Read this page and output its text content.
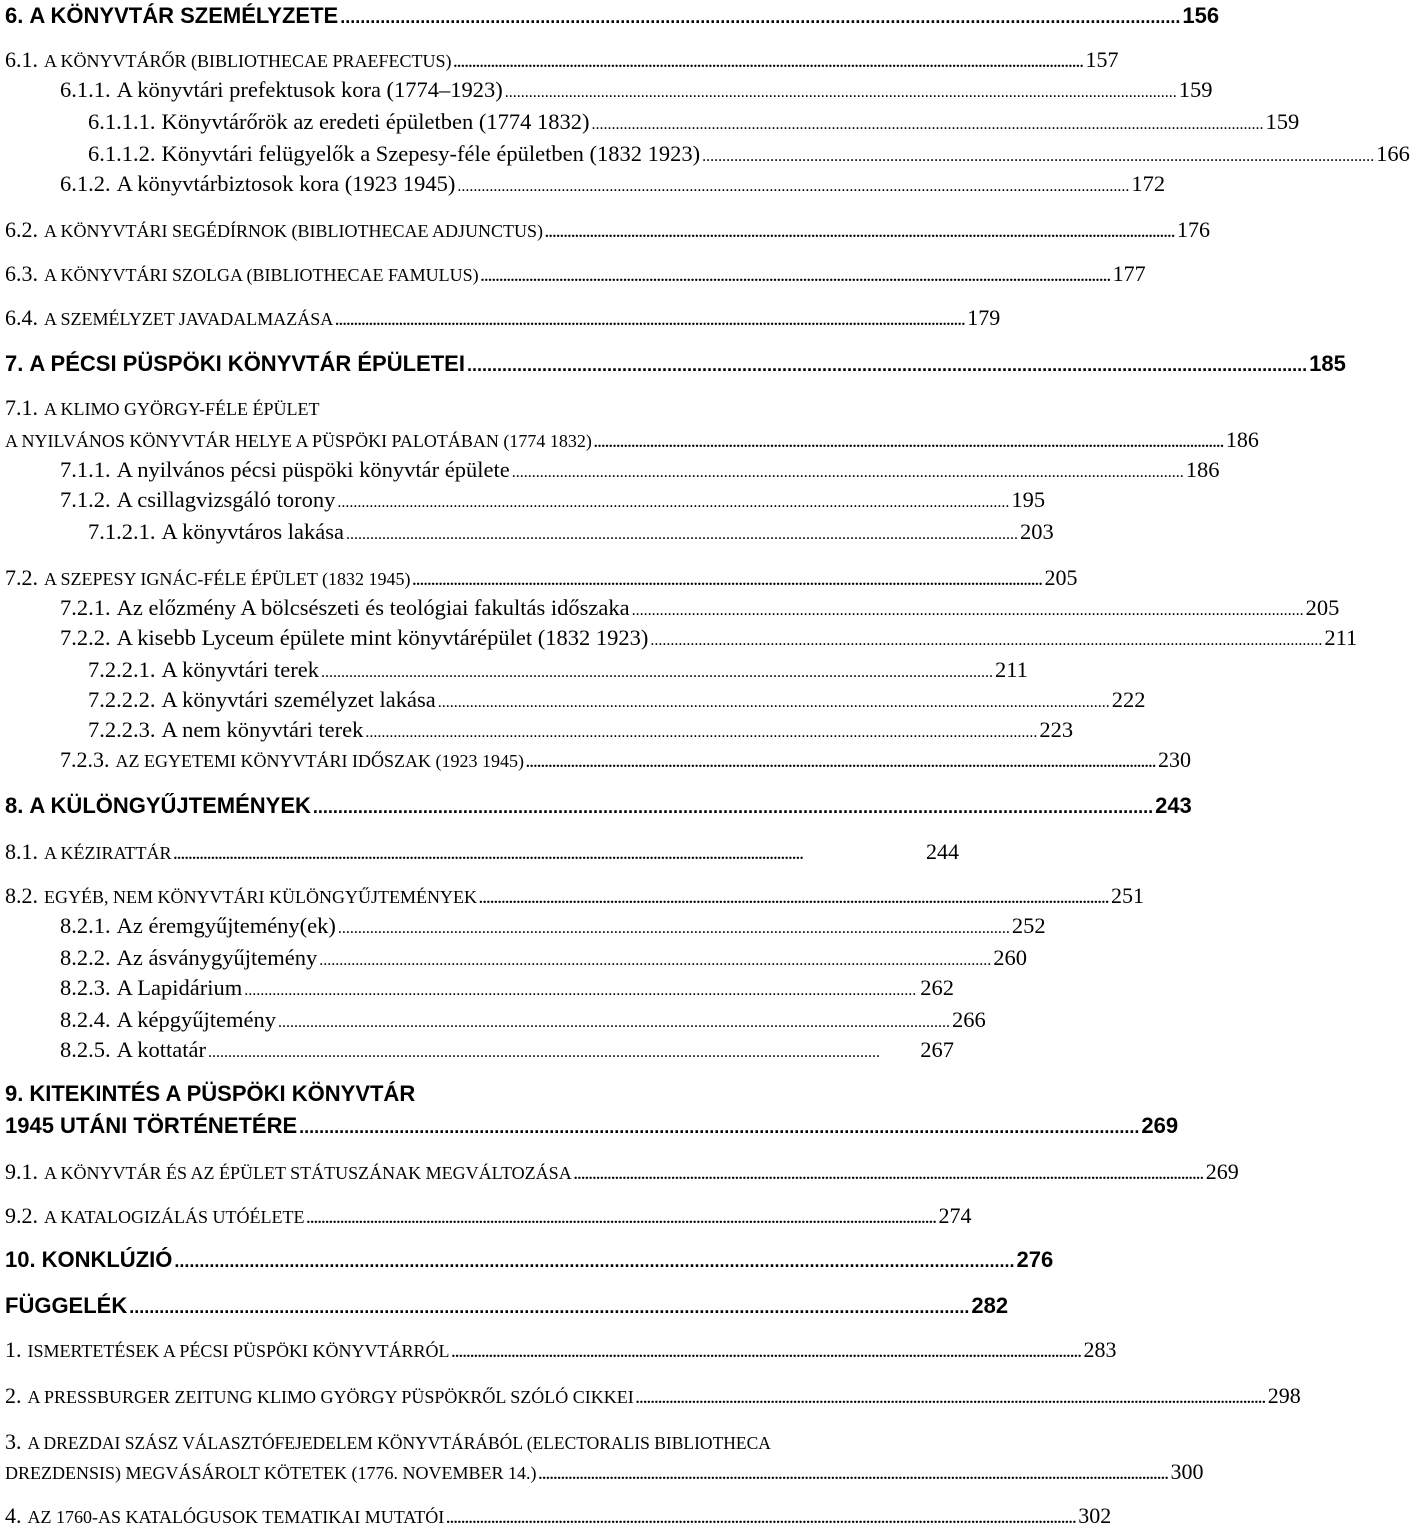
6. A KÖNYVTÁR SZEMÉLYZETE ........................................................................................................................................................................ 156
6.1. A KÖNYVTÁRŐR (BIBLIOTHECAE PRAEFECTUS) ........................................................................................................................................................................ 157
6.1.1. A könyvtári prefektusok kora (1774–1923) ........................................................................................................................................................................ 159
6.1.1.1. Könyvtárőrök az eredeti épületben (1774 1832) ........................................................................................................................................................................ 159
6.1.1.2. Könyvtári felügyelők a Szepesy-féle épületben (1832 1923) ........................................................................................................................................................................ 166
6.1.2. A könyvtárbiztosok kora (1923 1945) ........................................................................................................................................................................ 172
6.2. A KÖNYVTÁRI SEGÉDÍRNOK (BIBLIOTHECAE ADJUNCTUS) ........................................................................................................................................................................ 176
6.3. A KÖNYVTÁRI SZOLGA (BIBLIOTHECAE FAMULUS) ........................................................................................................................................................................ 177
6.4. A SZEMÉLYZET JAVADALMAZÁSA ........................................................................................................................................................................ 179
7. A PÉCSI PÜSPÖKI KÖNYVTÁR ÉPÜLETEI ........................................................................................................................................................................ 185
7.1. A KLIMO GYÖRGY-FÉLE ÉPÜLET
A NYILVÁNOS KÖNYVTÁR HELYE A PÜSPÖKI PALOTÁBAN (1774 1832) ........................................................................................................................................................................ 186
7.1.1. A nyilvános pécsi püspöki könyvtár épülete ........................................................................................................................................................................ 186
7.1.2. A csillagvizsgáló torony ........................................................................................................................................................................ 195
7.1.2.1. A könyvtáros lakása ........................................................................................................................................................................ 203
7.2. A SZEPESY IGNÁC-FÉLE ÉPÜLET (1832 1945) ........................................................................................................................................................................ 205
7.2.1. Az előzmény A bölcsészeti és teológiai fakultás időszaka ........................................................................................................................................................................ 205
7.2.2. A kisebb Lyceum épülete mint könyvtárépület (1832 1923) ........................................................................................................................................................................ 211
7.2.2.1. A könyvtári terek ........................................................................................................................................................................ 211
7.2.2.2. A könyvtári személyzet lakása ........................................................................................................................................................................ 222
7.2.2.3. A nem könyvtári terek ........................................................................................................................................................................ 223
7.2.3. AZ EGYETEMI KÖNYVTÁRI IDŐSZAK (1923 1945) ........................................................................................................................................................................ 230
8. A KÜLÖNGYŰJTEMÉNYEK ........................................................................................................................................................................ 243
8.1. A KÉZIRATTÁR ........................................................................................................................................................................	244
8.2. EGYÉB, NEM KÖNYVTÁRI KÜLÖNGYŰJTEMÉNYEK ........................................................................................................................................................................ 251
8.2.1. Az éremgyűjtemény(ek) ........................................................................................................................................................................ 252
8.2.2. Az ásványgyűjtemény ........................................................................................................................................................................ 260
8.2.3. A Lapidárium ........................................................................................................................................................................ 262
8.2.4. A képgyűjtemény ........................................................................................................................................................................ 266
8.2.5. A kottatár ........................................................................................................................................................................	267
9. KITEKINTÉS A PÜSPÖKI KÖNYVTÁR
1945 UTÁNI TÖRTÉNETÉRE ........................................................................................................................................................................ 269
9.1. A KÖNYVTÁR ÉS AZ ÉPÜLET STÁTUSZÁNAK MEGVÁLTOZÁSA ........................................................................................................................................................................ 269
9.2. A KATALOGIZÁLÁS UTÓÉLETE ........................................................................................................................................................................ 274
10. KONKLÚZIÓ ........................................................................................................................................................................ 276
FÜGGELÉK ........................................................................................................................................................................ 282
1. ISMERTETÉSEK A PÉCSI PÜSPÖKI KÖNYVTÁRRÓL ........................................................................................................................................................................ 283
2. A PRESSBURGER ZEITUNG KLIMO GYÖRGY PÜSPÖKRŐL SZÓLÓ CIKKEI ........................................................................................................................................................................ 298
3. A DREZDAI SZÁSZ VÁLASZTÓFEJEDELEM KÖNYVTÁRÁBÓL (ELECTORALIS BIBLIOTHECA
DREZDENSIS) MEGVÁSÁROLT KÖTETEK (1776. NOVEMBER 14.) ........................................................................................................................................................................ 300
4. AZ 1760-AS KATALÓGUSOK TEMATIKAI MUTATÓI ........................................................................................................................................................................ 302
